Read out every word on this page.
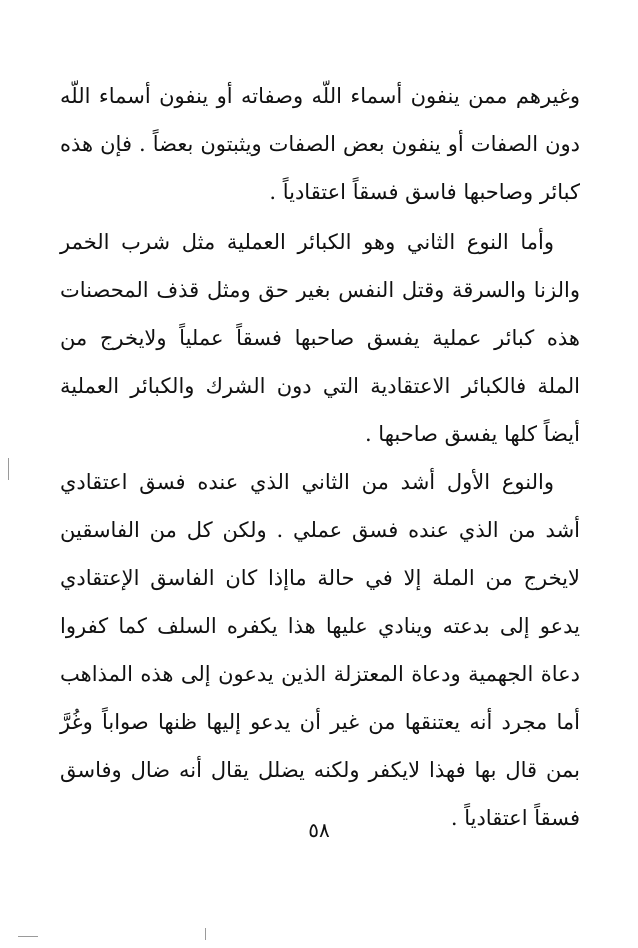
وغيرهم ممن ينفون أسماء اللّه وصفاته أو ينفون أسماء اللّه دون الصفات أو ينفون بعض الصفات ويثبتون بعضاً . فإن هذه كبائر وصاحبها فاسق فسقاً اعتقادياً .

وأما النوع الثاني وهو الكبائر العملية مثل شرب الخمر والزنا والسرقة وقتل النفس بغير حق ومثل قذف المحصنات هذه كبائر عملية يفسق صاحبها فسقاً عملياً ولايخرج من الملة فالكبائر الاعتقادية التي دون الشرك والكبائر العملية أيضاً كلها يفسق صاحبها .

والنوع الأول أشد من الثاني الذي عنده فسق اعتقادي أشد من الذي عنده فسق عملي . ولكن كل من الفاسقين لايخرج من الملة إلا في حالة ماإذا كان الفاسق الإعتقادي يدعو إلى بدعته وينادي عليها هذا يكفره السلف كما كفروا دعاة الجهمية ودعاة المعتزلة الذين يدعون إلى هذه المذاهب أما مجرد أنه يعتنقها من غير أن يدعو إليها ظنها صواباً وغُرَّ بمن قال بها فهذا لايكفر ولكنه يضلل يقال أنه ضال وفاسق فسقاً اعتقادياً .

٥٨
